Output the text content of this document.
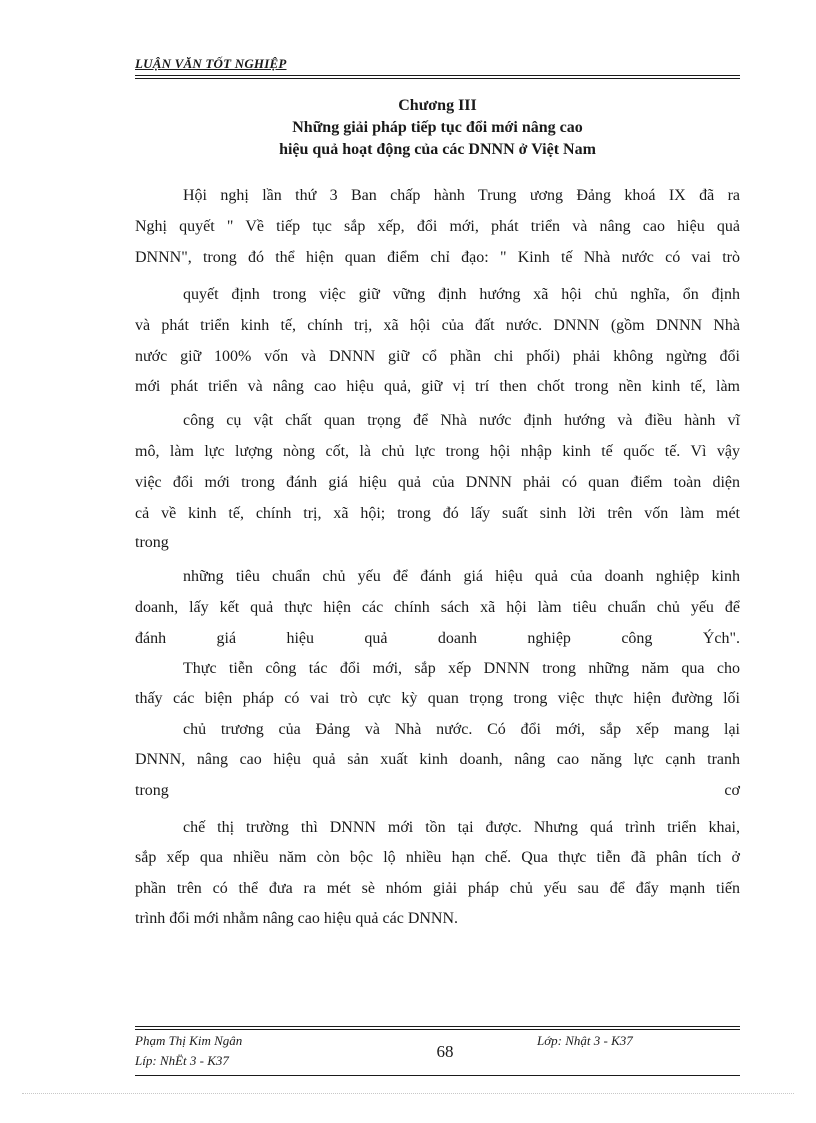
LUẬN VĂN TỐT NGHIỆP
Chương III
Những giải pháp tiếp tục đổi mới nâng cao
hiệu quả hoạt động của các DNNN ở Việt Nam
Hội nghị lần thứ 3 Ban chấp hành Trung ương Đảng khoá IX đã ra
Nghị quyết " Về tiếp tục sắp xếp, đổi mới, phát triển và nâng cao hiệu quả
DNNN", trong đó thể hiện quan điểm chỉ đạo: " Kinh tế Nhà nước có vai trò
quyết định trong việc giữ vững định hướng xã hội chủ nghĩa, ổn định
và phát triển kinh tế, chính trị, xã hội của đất nước. DNNN (gồm DNNN Nhà
nước giữ 100% vốn và DNNN giữ cổ phần chi phối) phải không ngừng đổi
mới phát triển và nâng cao hiệu quả, giữ vị trí then chốt trong nền kinh tế, làm
công cụ vật chất quan trọng để Nhà nước định hướng và điều hành vĩ
mô, làm lực lượng nòng cốt, là chủ lực trong hội nhập kinh tế quốc tế. Vì vậy
việc đổi mới trong đánh giá hiệu quả của DNNN phải có quan điểm toàn diện
cả về kinh tế, chính trị, xã hội; trong đó lấy suất sinh lời trên vốn làm mét
trong
những tiêu chuẩn chủ yếu để đánh giá hiệu quả của doanh nghiệp kinh
doanh, lấy kết quả thực hiện các chính sách xã hội làm tiêu chuẩn chủ yếu để
đánh giá hiệu quả doanh nghiệp công Ých".
Thực tiễn công tác đổi mới, sắp xếp DNNN trong những năm qua cho
thấy các biện pháp có vai trò cực kỳ quan trọng trong việc thực hiện đường lối
chủ trương của Đảng và Nhà nước. Có đổi mới, sắp xếp mang lại
DNNN, nâng cao hiệu quả sản xuất kinh doanh, nâng cao năng lực cạnh tranh
trong cơ
chế thị trường thì DNNN mới tồn tại được. Nhưng quá trình triển khai,
sắp xếp qua nhiều năm còn bộc lộ nhiều hạn chế. Qua thực tiễn đã phân tích ở
phần trên có thể đưa ra mét sè nhóm giải pháp chủ yếu sau để đẩy mạnh tiến
trình đổi mới nhằm nâng cao hiệu quả các DNNN.
Phạm Thị Kim Ngân
Líp: NhËt 3 - K37	68
Lớp: Nhật 3 - K37
